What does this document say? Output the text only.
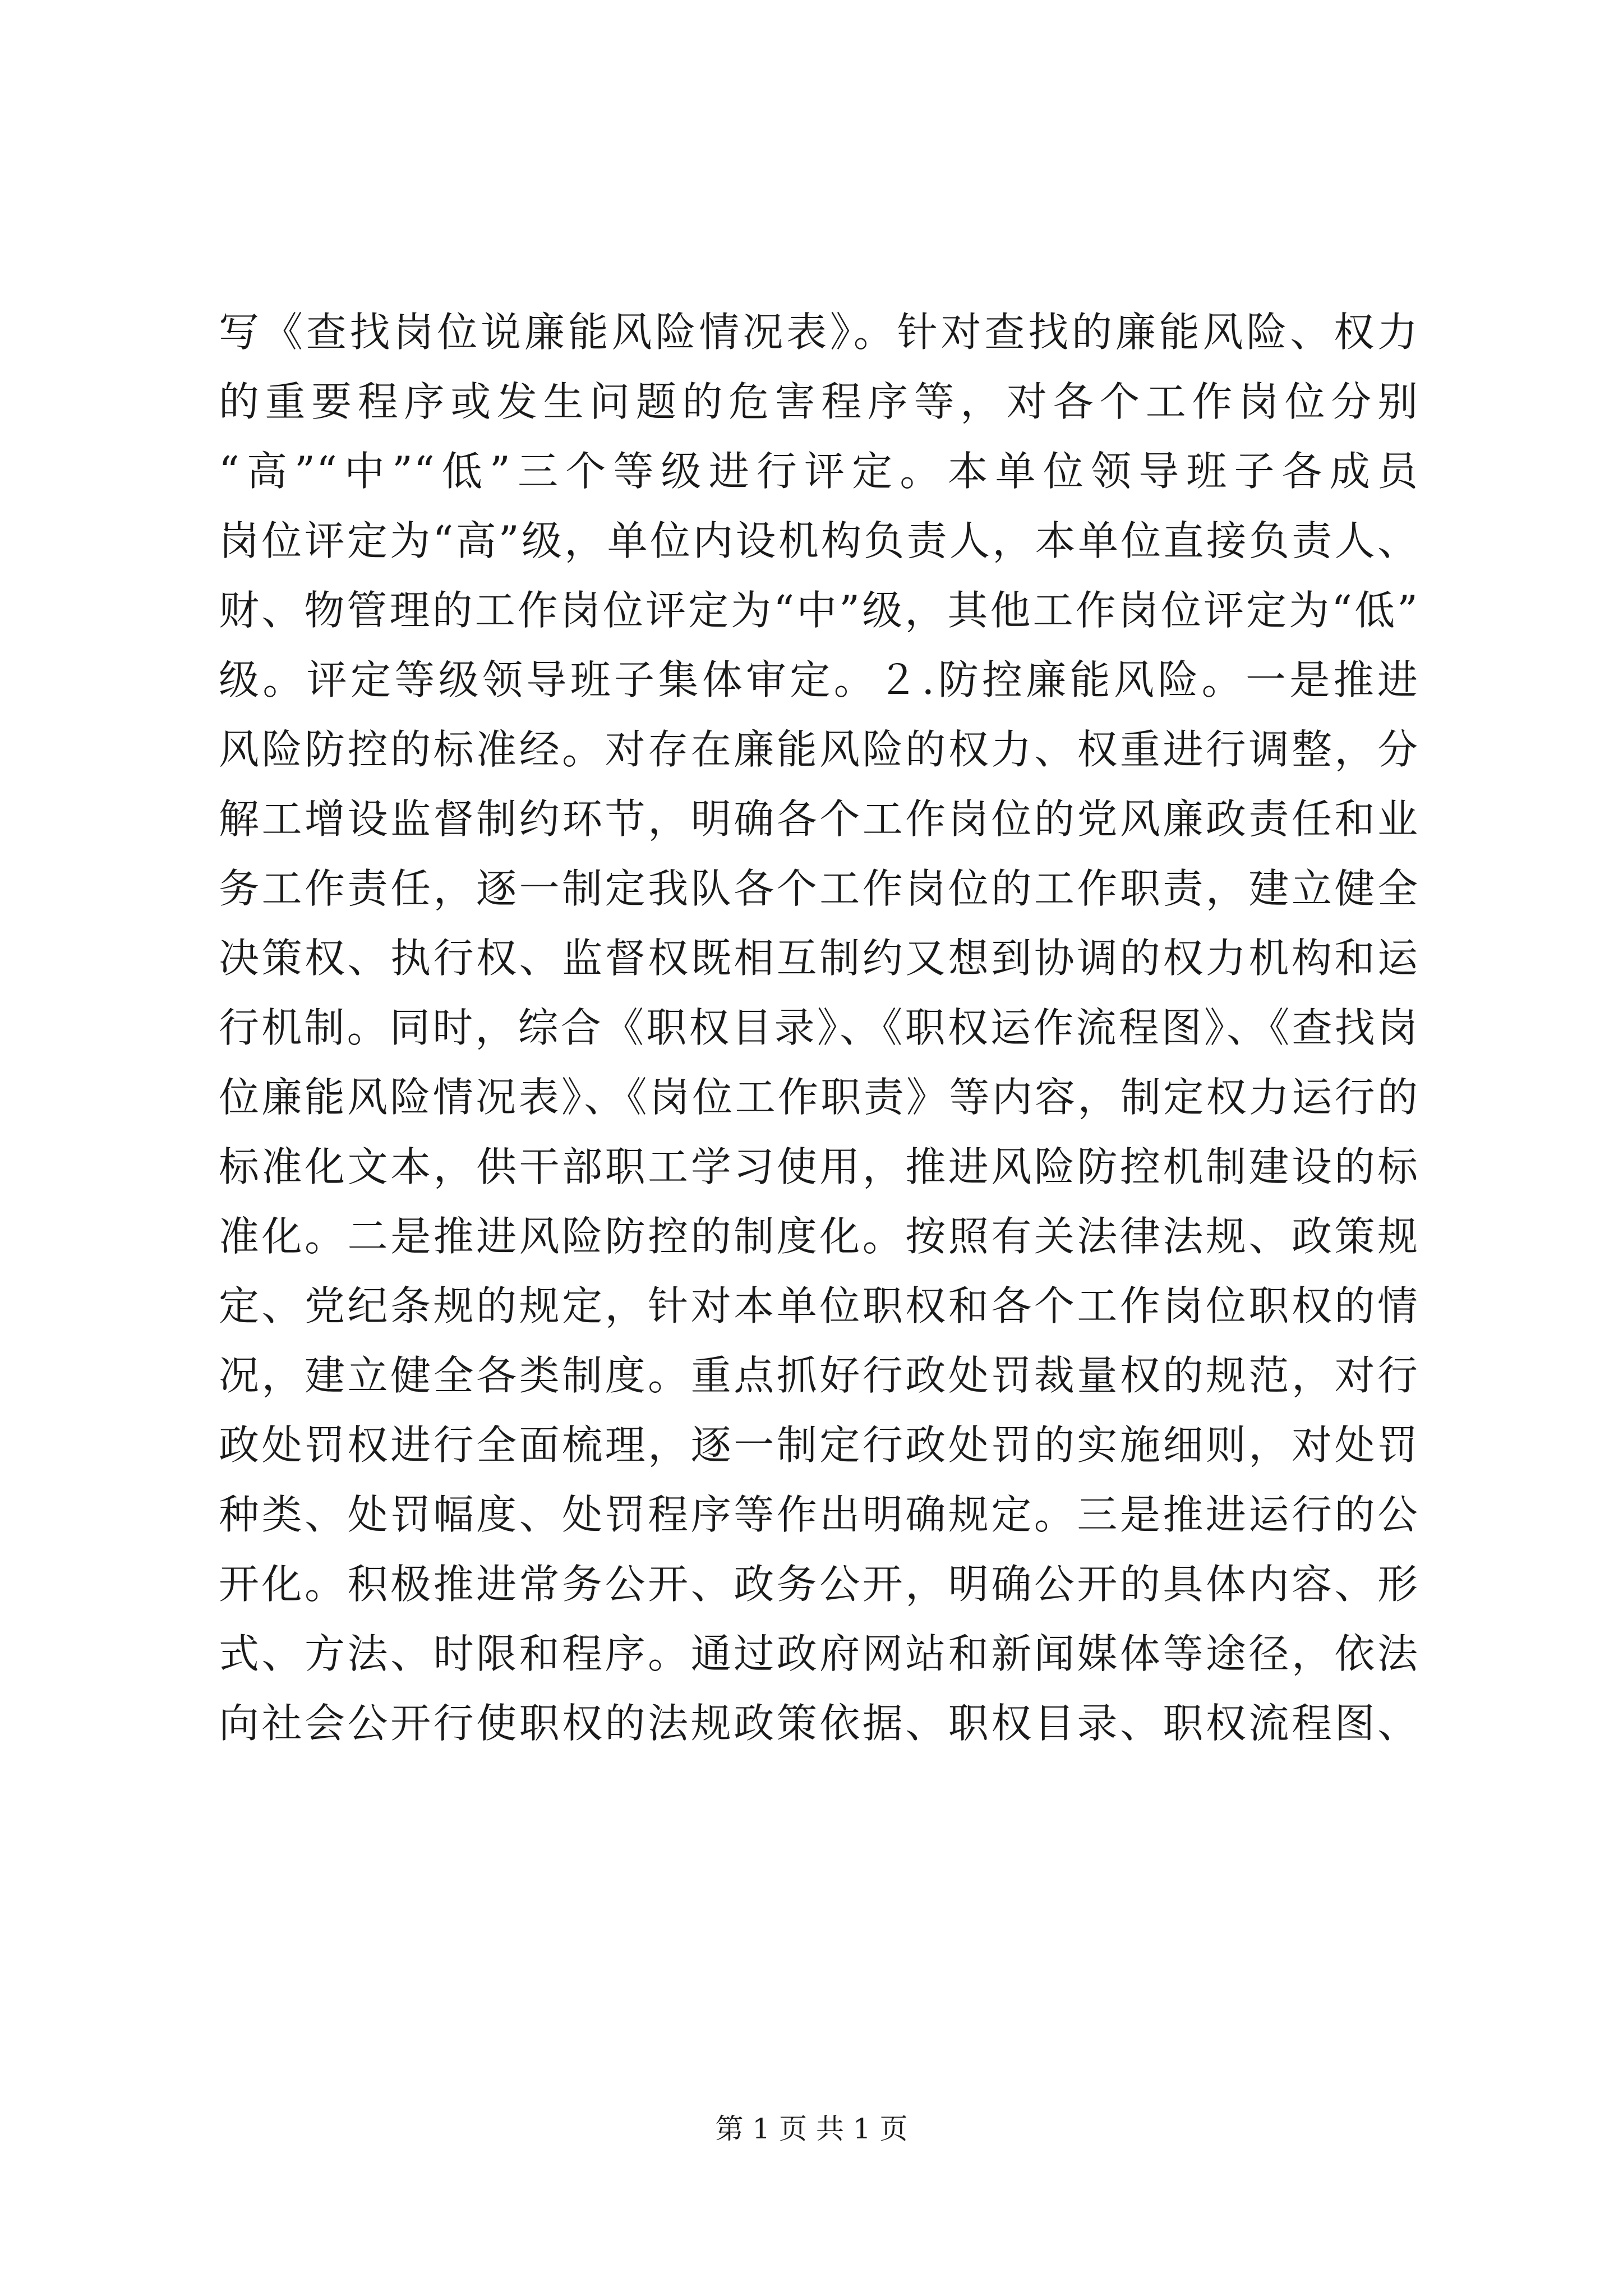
写《查找岗位说廉能风险情况表》。针对查找的廉能风险、权力
的重要程序或发生问题的危害程序等，对各个工作岗位分别
“高”“中”“低”三个等级进行评定。本单位领导班子各成员
岗位评定为“高”级，单位内设机构负责人，本单位直接负责人、
财、物管理的工作岗位评定为“中”级，其他工作岗位评定为“低”
级。评定等级领导班子集体审定。２.防控廉能风险。一是推进
风险防控的标准经。对存在廉能风险的权力、权重进行调整，分
解工增设监督制约环节，明确各个工作岗位的党风廉政责任和业
务工作责任，逐一制定我队各个工作岗位的工作职责，建立健全
决策权、执行权、监督权既相互制约又想到协调的权力机构和运
行机制。同时，综合《职权目录》、《职权运作流程图》、《查找岗
位廉能风险情况表》、《岗位工作职责》等内容，制定权力运行的
标准化文本，供干部职工学习使用，推进风险防控机制建设的标
准化。二是推进风险防控的制度化。按照有关法律法规、政策规
定、党纪条规的规定，针对本单位职权和各个工作岗位职权的情
况，建立健全各类制度。重点抓好行政处罚裁量权的规范，对行
政处罚权进行全面梳理，逐一制定行政处罚的实施细则，对处罚
种类、处罚幅度、处罚程序等作出明确规定。三是推进运行的公
开化。积极推进常务公开、政务公开，明确公开的具体内容、形
式、方法、时限和程序。通过政府网站和新闻媒体等途径，依法
向社会公开行使职权的法规政策依据、职权目录、职权流程图、
第 1 页 共 1 页
